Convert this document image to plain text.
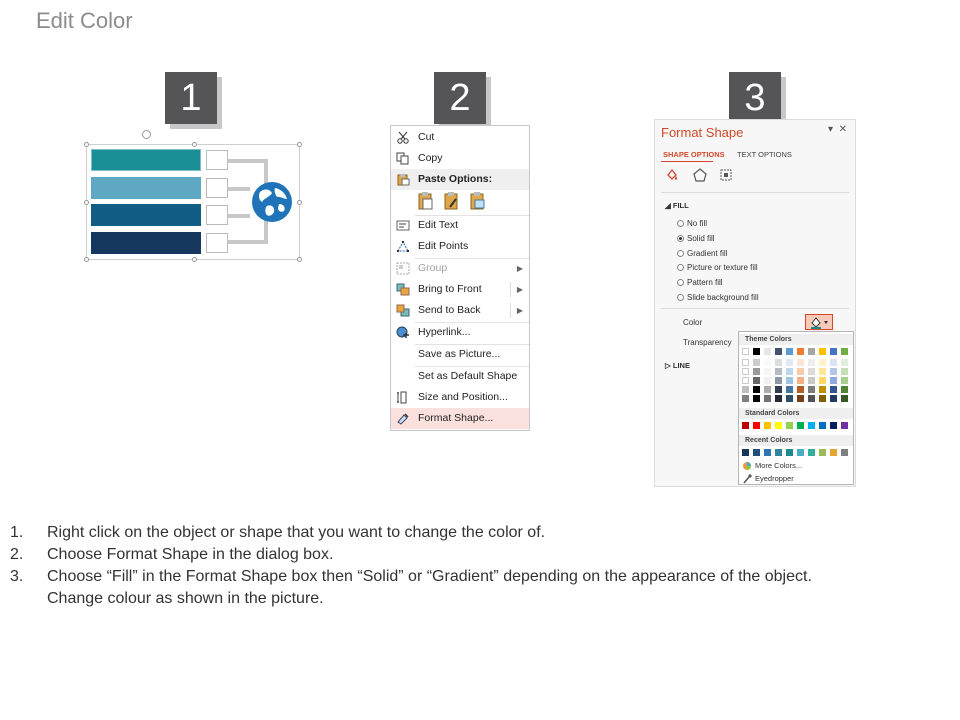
Edit Color
1	2	3
Cut
Copy
Paste Options:
Edit Text
Edit Points
Group	▶
Bring to Front	▶
Send to Back	▶
Hyperlink...
Save as Picture...
Set as Default Shape
Size and Position...
Format Shape...
Format Shape	▾ ✕
SHAPE OPTIONS TEXT OPTIONS
◢ FILL
No fill
Solid fill
Gradient fill
Picture or texture fill
Pattern fill
Slide background fill
Color
Transparency
▷ LINE
Theme Colors
Standard Colors
Recent Colors
More Colors...
Eyedropper
1. Right click on the object or shape that you want to change the color of.
2. Choose Format Shape in the dialog box.
3. Choose “Fill” in the Format Shape box then “Solid” or “Gradient” depending on the appearance of the object.
Change colour as shown in the picture.
